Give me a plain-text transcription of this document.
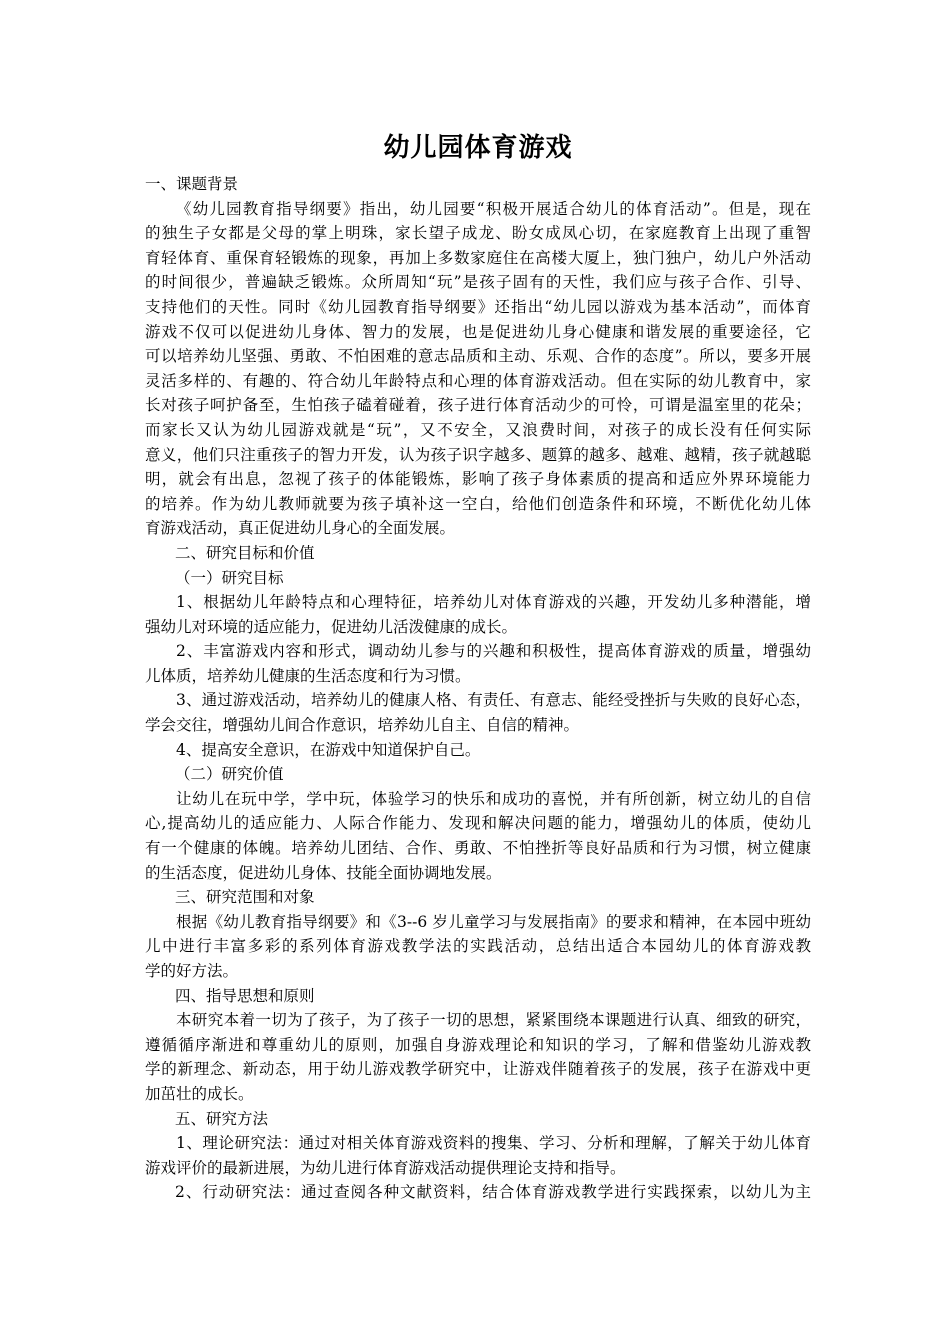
幼儿园体育游戏

一、课题背景

《幼儿园教育指导纲要》指出，幼儿园要“积极开展适合幼儿的体育活动”。但是，现在

的独生子女都是父母的掌上明珠，家长望子成龙、盼女成凤心切，在家庭教育上出现了重智

育轻体育、重保育轻锻炼的现象，再加上多数家庭住在高楼大厦上，独门独户，幼儿户外活动

的时间很少，普遍缺乏锻炼。众所周知“玩”是孩子固有的天性，我们应与孩子合作、引导、

支持他们的天性。同时《幼儿园教育指导纲要》还指出“幼儿园以游戏为基本活动”，而体育

游戏不仅可以促进幼儿身体、智力的发展，也是促进幼儿身心健康和谐发展的重要途径，它

可以培养幼儿坚强、勇敢、不怕困难的意志品质和主动、乐观、合作的态度”。所以，要多开展

灵活多样的、有趣的、符合幼儿年龄特点和心理的体育游戏活动。但在实际的幼儿教育中，家

长对孩子呵护备至，生怕孩子磕着碰着，孩子进行体育活动少的可怜，可谓是温室里的花朵；

而家长又认为幼儿园游戏就是“玩”，又不安全，又浪费时间，对孩子的成长没有任何实际

意义，他们只注重孩子的智力开发，认为孩子识字越多、题算的越多、越难、越精，孩子就越聪

明，就会有出息，忽视了孩子的体能锻炼，影响了孩子身体素质的提高和适应外界环境能力

的培养。作为幼儿教师就要为孩子填补这一空白，给他们创造条件和环境，不断优化幼儿体

育游戏活动，真正促进幼儿身心的全面发展。

二、研究目标和价值

（一）研究目标

1、根据幼儿年龄特点和心理特征，培养幼儿对体育游戏的兴趣，开发幼儿多种潜能，增

强幼儿对环境的适应能力，促进幼儿活泼健康的成长。

2、丰富游戏内容和形式，调动幼儿参与的兴趣和积极性，提高体育游戏的质量，增强幼

儿体质，培养幼儿健康的生活态度和行为习惯。

3、通过游戏活动，培养幼儿的健康人格、有责任、有意志、能经受挫折与失败的良好心态，

学会交往，增强幼儿间合作意识，培养幼儿自主、自信的精神。

4、提高安全意识，在游戏中知道保护自己。

（二）研究价值

让幼儿在玩中学，学中玩，体验学习的快乐和成功的喜悦，并有所创新，树立幼儿的自信

心,提高幼儿的适应能力、人际合作能力、发现和解决问题的能力，增强幼儿的体质，使幼儿

有一个健康的体魄。培养幼儿团结、合作、勇敢、不怕挫折等良好品质和行为习惯，树立健康

的生活态度，促进幼儿身体、技能全面协调地发展。

三、研究范围和对象

根据《幼儿教育指导纲要》和《3--6 岁儿童学习与发展指南》的要求和精神，在本园中班幼

儿中进行丰富多彩的系列体育游戏教学法的实践活动，总结出适合本园幼儿的体育游戏教

学的好方法。

四、指导思想和原则

本研究本着一切为了孩子，为了孩子一切的思想，紧紧围绕本课题进行认真、细致的研究，

遵循循序渐进和尊重幼儿的原则，加强自身游戏理论和知识的学习，了解和借鉴幼儿游戏教

学的新理念、新动态，用于幼儿游戏教学研究中，让游戏伴随着孩子的发展，孩子在游戏中更

加茁壮的成长。

五、研究方法

1、理论研究法：通过对相关体育游戏资料的搜集、学习、分析和理解，了解关于幼儿体育

游戏评价的最新进展，为幼儿进行体育游戏活动提供理论支持和指导。

2、行动研究法：通过查阅各种文献资料，结合体育游戏教学进行实践探索，以幼儿为主
